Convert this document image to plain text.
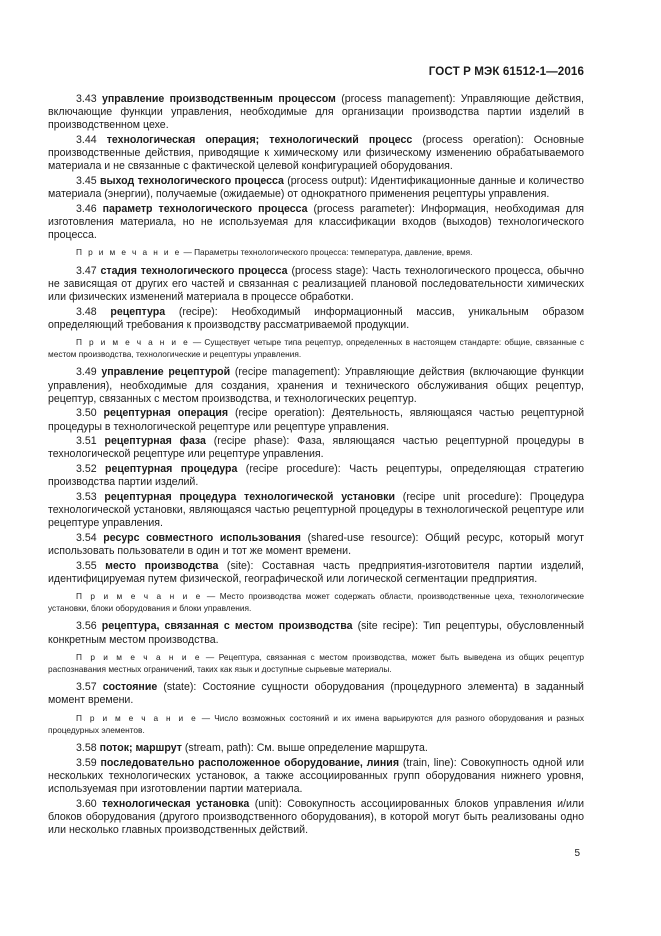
ГОСТ Р МЭК 61512-1—2016

3.43 управление производственным процессом (process management): Управляющие действия, включающие функции управления, необходимые для организации производства партии изделий в производственном цехе.

3.44 технологическая операция; технологический процесс (process operation): Основные производственные действия, приводящие к химическому или физическому изменению обрабатываемого материала и не связанные с фактической целевой конфигурацией оборудования.

3.45 выход технологического процесса (process output): Идентификационные данные и количество материала (энергии), получаемые (ожидаемые) от однократного применения рецептуры управления.

3.46 параметр технологического процесса (process parameter): Информация, необходимая для изготовления материала, но не используемая для классификации входов (выходов) технологического процесса.

П р и м е ч а н и е — Параметры технологического процесса: температура, давление, время.

3.47 стадия технологического процесса (process stage): Часть технологического процесса, обычно не зависящая от других его частей и связанная с реализацией плановой последовательности химических или физических изменений материала в процессе обработки.

3.48 рецептура (recipe): Необходимый информационный массив, уникальным образом определяющий требования к производству рассматриваемой продукции.

П р и м е ч а н и е — Существует четыре типа рецептур, определенных в настоящем стандарте: общие, связанные с местом производства, технологические и рецептуры управления.

3.49 управление рецептурой (recipe management): Управляющие действия (включающие функции управления), необходимые для создания, хранения и технического обслуживания общих рецептур, рецептур, связанных с местом производства, и технологических рецептур.

3.50 рецептурная операция (recipe operation): Деятельность, являющаяся частью рецептурной процедуры в технологической рецептуре или рецептуре управления.

3.51 рецептурная фаза (recipe phase): Фаза, являющаяся частью рецептурной процедуры в технологической рецептуре или рецептуре управления.

3.52 рецептурная процедура (recipe procedure): Часть рецептуры, определяющая стратегию производства партии изделий.

3.53 рецептурная процедура технологической установки (recipe unit procedure): Процедура технологической установки, являющаяся частью рецептурной процедуры в технологической рецептуре или рецептуре управления.

3.54 ресурс совместного использования (shared-use resource): Общий ресурс, который могут использовать пользователи в один и тот же момент времени.

3.55 место производства (site): Составная часть предприятия-изготовителя партии изделий, идентифицируемая путем физической, географической или логической сегментации предприятия.

П р и м е ч а н и е — Место производства может содержать области, производственные цеха, технологические установки, блоки оборудования и блоки управления.

3.56 рецептура, связанная с местом производства (site recipe): Тип рецептуры, обусловленный конкретным местом производства.

П р и м е ч а н и е — Рецептура, связанная с местом производства, может быть выведена из общих рецептур распознавания местных ограничений, таких как язык и доступные сырьевые материалы.

3.57 состояние (state): Состояние сущности оборудования (процедурного элемента) в заданный момент времени.

П р и м е ч а н и е — Число возможных состояний и их имена варьируются для разного оборудования и разных процедурных элементов.

3.58 поток; маршрут (stream, path): См. выше определение маршрута.

3.59 последовательно расположенное оборудование, линия (train, line): Совокупность одной или нескольких технологических установок, а также ассоциированных групп оборудования нижнего уровня, используемая при изготовлении партии материала.

3.60 технологическая установка (unit): Совокупность ассоциированных блоков управления и/или блоков оборудования (другого производственного оборудования), в которой могут быть реализованы одно или несколько главных производственных действий.

5
